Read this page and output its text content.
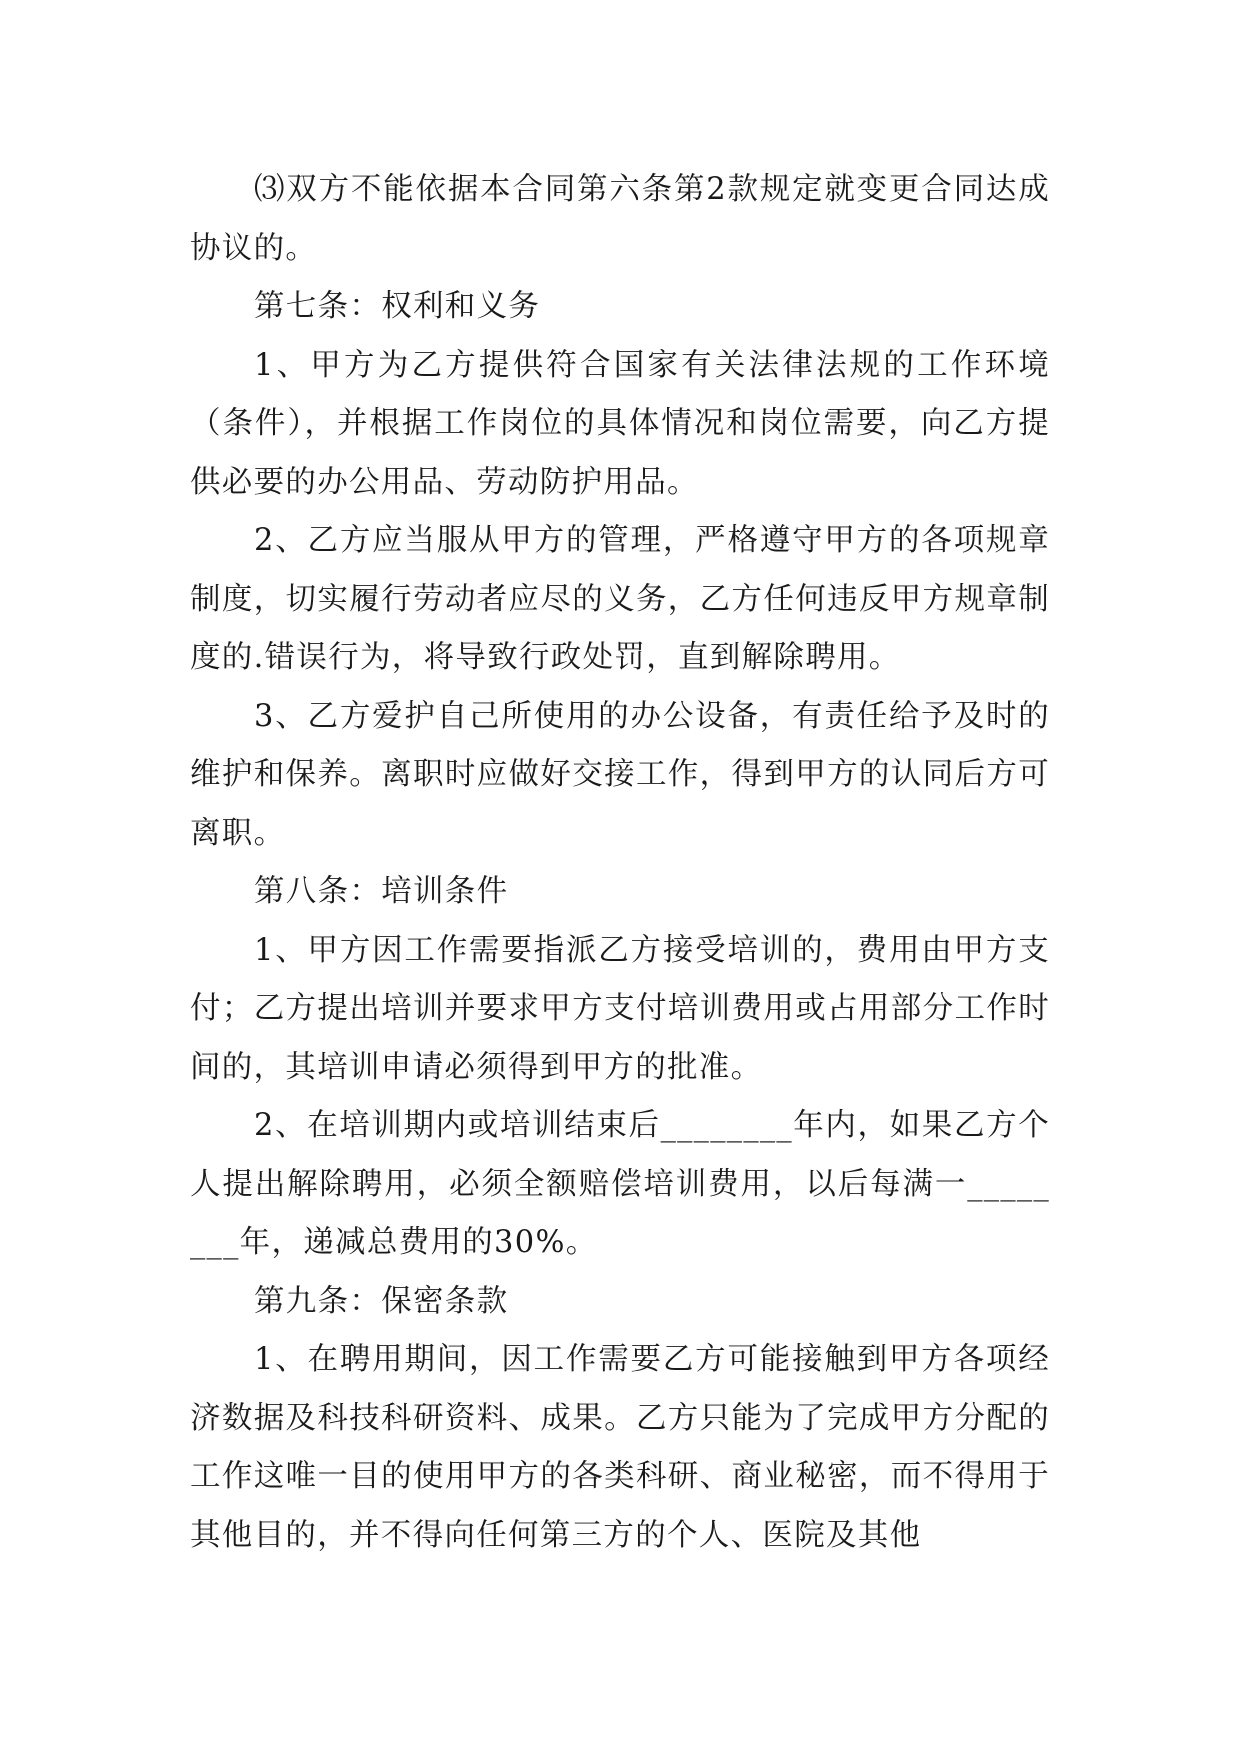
⑶双方不能依据本合同第六条第2款规定就变更合同达成协议的。

第七条：权利和义务

1、甲方为乙方提供符合国家有关法律法规的工作环境（条件），并根据工作岗位的具体情况和岗位需要，向乙方提供必要的办公用品、劳动防护用品。

2、乙方应当服从甲方的管理，严格遵守甲方的各项规章制度，切实履行劳动者应尽的义务，乙方任何违反甲方规章制度的.错误行为，将导致行政处罚，直到解除聘用。

3、乙方爱护自己所使用的办公设备，有责任给予及时的维护和保养。离职时应做好交接工作，得到甲方的认同后方可离职。

第八条：培训条件

1、甲方因工作需要指派乙方接受培训的，费用由甲方支付；乙方提出培训并要求甲方支付培训费用或占用部分工作时间的，其培训申请必须得到甲方的批准。

2、在培训期内或培训结束后________年内，如果乙方个人提出解除聘用，必须全额赔偿培训费用，以后每满一________年，递减总费用的30%。

第九条：保密条款

1、在聘用期间，因工作需要乙方可能接触到甲方各项经济数据及科技科研资料、成果。乙方只能为了完成甲方分配的工作这唯一目的使用甲方的各类科研、商业秘密，而不得用于其他目的，并不得向任何第三方的个人、医院及其他
